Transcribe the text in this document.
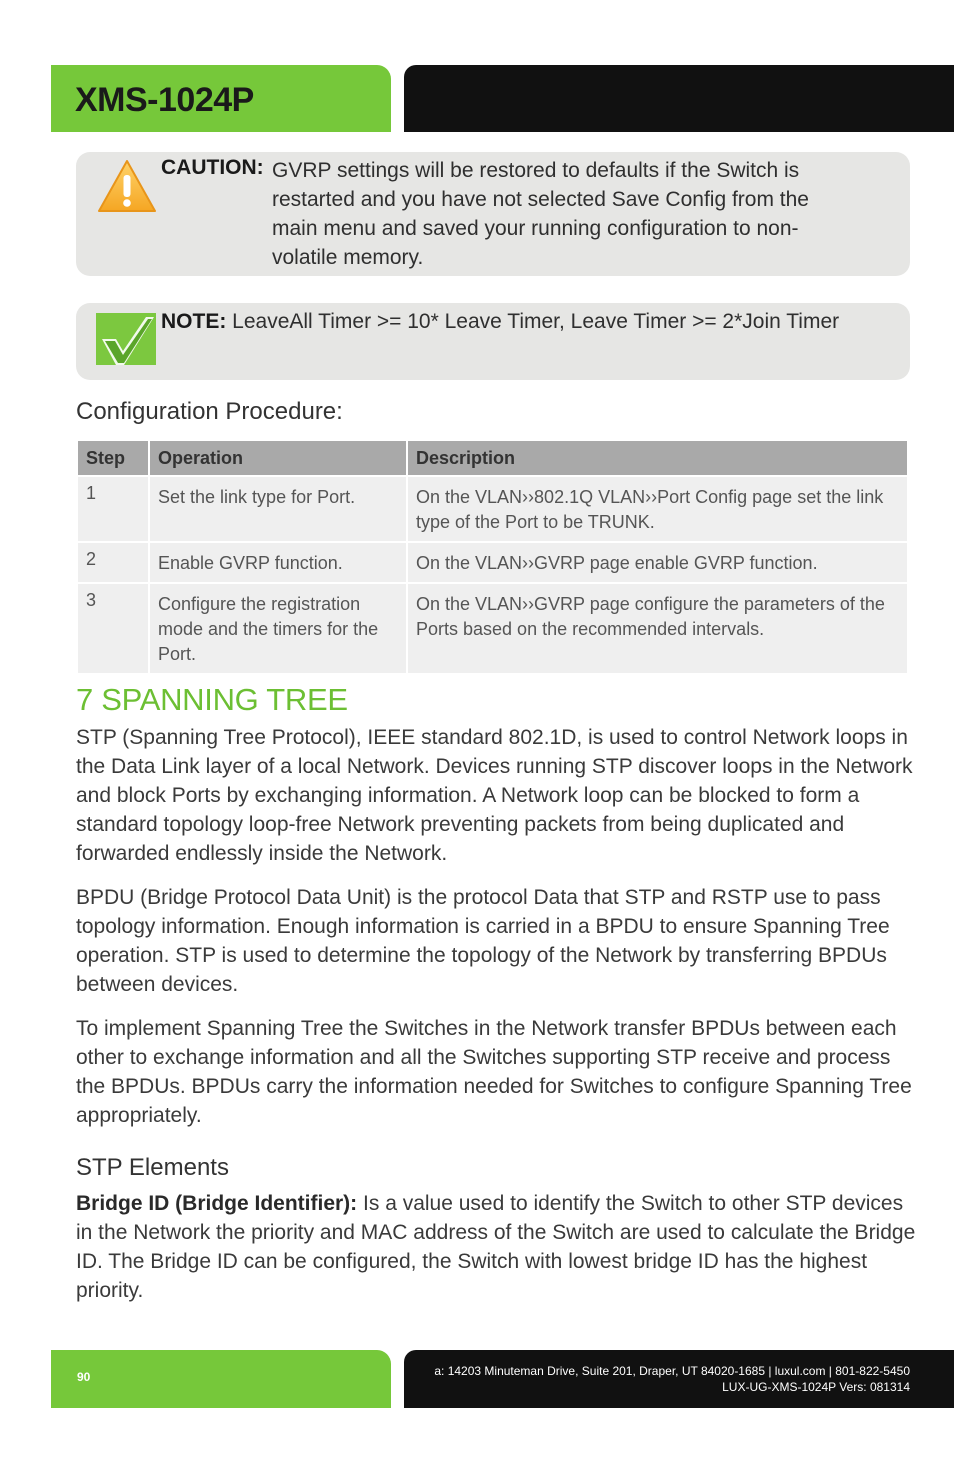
XMS-1024P
CAUTION: GVRP settings will be restored to defaults if the Switch is
restarted and you have not selected Save Config from the
main menu and saved your running configuration to non-
volatile memory.
NOTE: LeaveAll Timer >= 10* Leave Timer, Leave Timer >= 2*Join Timer
Configuration Procedure:
Step	Operation	Description
1	Set the link type for Port.	On the VLAN››802.1Q VLAN››Port Config page set the link type of the Port to be TRUNK.
2	Enable GVRP function.	On the VLAN››GVRP page enable GVRP function.
3	Configure the registration mode and the timers for the Port.	On the VLAN››GVRP page configure the parameters of the Ports based on the recommended intervals.
7 SPANNING TREE
STP (Spanning Tree Protocol), IEEE standard 802.1D, is used to control Network loops in the Data Link layer of a local Network. Devices running STP discover loops in the Network and block Ports by exchanging information. A Network loop can be blocked to form a standard topology loop-free Network preventing packets from being duplicated and forwarded endlessly inside the Network.
BPDU (Bridge Protocol Data Unit) is the protocol Data that STP and RSTP use to pass topology information. Enough information is carried in a BPDU to ensure Spanning Tree operation. STP is used to determine the topology of the Network by transferring BPDUs between devices.
To implement Spanning Tree the Switches in the Network transfer BPDUs between each other to exchange information and all the Switches supporting STP receive and process the BPDUs. BPDUs carry the information needed for Switches to configure Spanning Tree appropriately.
STP Elements
Bridge ID (Bridge Identifier): Is a value used to identify the Switch to other STP devices in the Network the priority and MAC address of the Switch are used to calculate the Bridge ID. The Bridge ID can be configured, the Switch with lowest bridge ID has the highest priority.
90	a: 14203 Minuteman Drive, Suite 201, Draper, UT 84020-1685 | luxul.com | 801-822-5450
LUX-UG-XMS-1024P Vers: 081314
